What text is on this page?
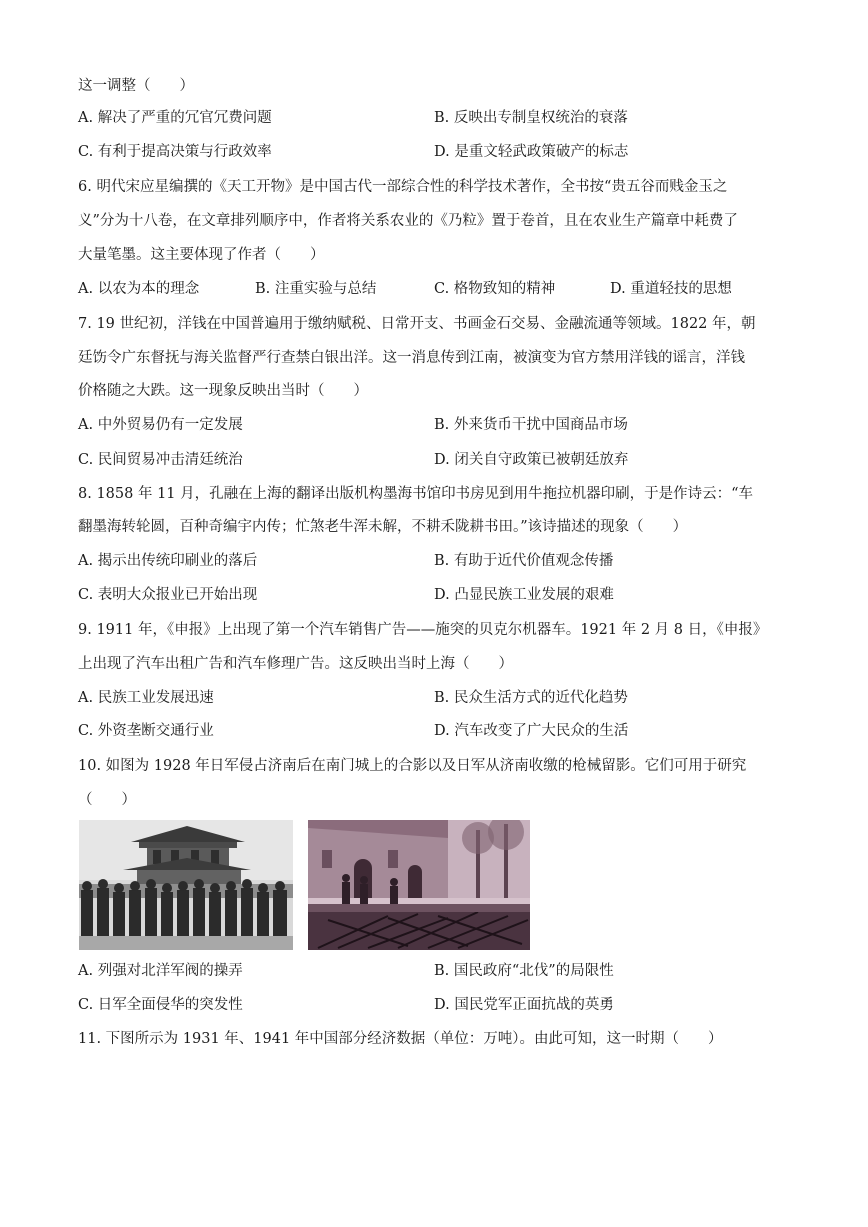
这一调整（　　）
A. 解决了严重的冗官冗费问题	B. 反映出专制皇权统治的衰落
C. 有利于提高决策与行政效率	D. 是重文轻武政策破产的标志
6. 明代宋应星编撰的《天工开物》是中国古代一部综合性的科学技术著作，全书按“贵五谷而贱金玉之
义”分为十八卷，在文章排列顺序中，作者将关系农业的《乃粒》置于卷首，且在农业生产篇章中耗费了
大量笔墨。这主要体现了作者（　　）
A. 以农为本的理念	B. 注重实验与总结	C. 格物致知的精神	D. 重道轻技的思想
7. 19 世纪初，洋钱在中国普遍用于缴纳赋税、日常开支、书画金石交易、金融流通等领域。1822 年，朝
廷饬令广东督抚与海关监督严行查禁白银出洋。这一消息传到江南，被演变为官方禁用洋钱的谣言，洋钱
价格随之大跌。这一现象反映出当时（　　）
A. 中外贸易仍有一定发展	B. 外来货币干扰中国商品市场
C. 民间贸易冲击清廷统治	D. 闭关自守政策已被朝廷放弃
8. 1858 年 11 月，孔融在上海的翻译出版机构墨海书馆印书房见到用牛拖拉机器印刷，于是作诗云：“车
翻墨海转轮圆，百种奇编宇内传；忙煞老牛浑未解，不耕禾陇耕书田。”该诗描述的现象（　　）
A. 揭示出传统印刷业的落后	B. 有助于近代价值观念传播
C. 表明大众报业已开始出现	D. 凸显民族工业发展的艰难
9. 1911 年，《申报》上出现了第一个汽车销售广告——施突的贝克尔机器车。1921 年 2 月 8 日，《申报》
上出现了汽车出租广告和汽车修理广告。这反映出当时上海（　　）
A. 民族工业发展迅速	B. 民众生活方式的近代化趋势
C. 外资垄断交通行业	D. 汽车改变了广大民众的生活
10. 如图为 1928 年日军侵占济南后在南门城上的合影以及日军从济南收缴的枪械留影。它们可用于研究
（　　）
A. 列强对北洋军阀的操弄	B. 国民政府“北伐”的局限性
C. 日军全面侵华的突发性	D. 国民党军正面抗战的英勇
11. 下图所示为 1931 年、1941 年中国部分经济数据（单位：万吨）。由此可知，这一时期（　　）
